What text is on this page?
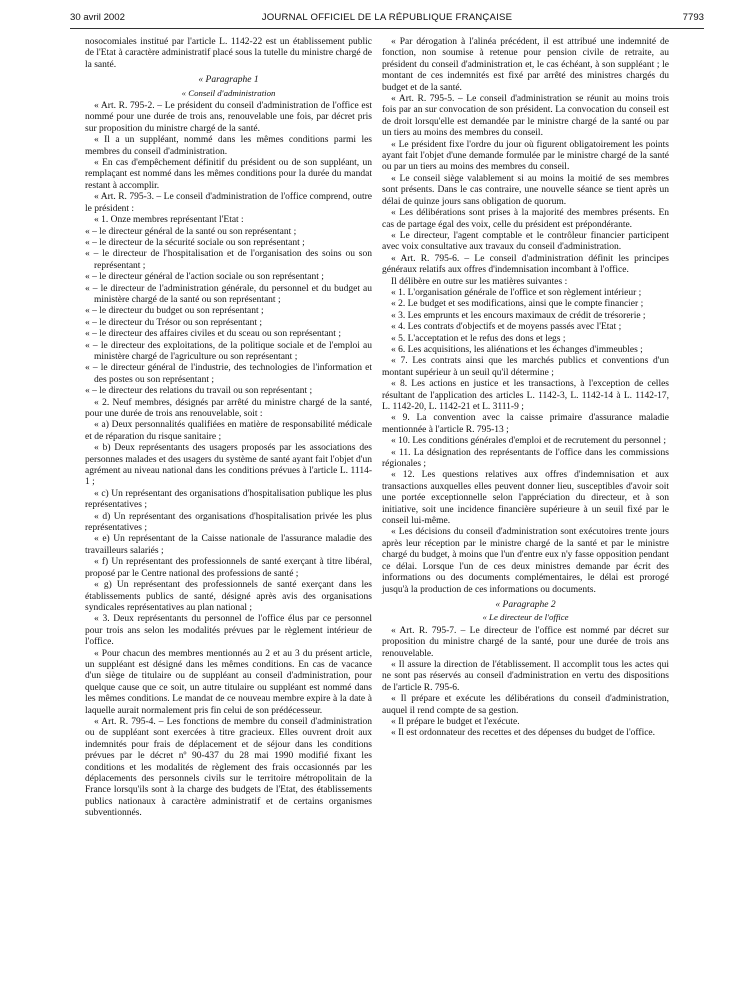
30 avril 2002	JOURNAL OFFICIEL DE LA RÉPUBLIQUE FRANÇAISE	7793

nosocomiales institué par l'article L. 1142-22 est un établissement public de l'Etat à caractère administratif placé sous la tutelle du ministre chargé de la santé.

« Paragraphe 1

« Conseil d'administration

« Art. R. 795-2. – Le président du conseil d'administration de l'office est nommé pour une durée de trois ans, renouvelable une fois, par décret pris sur proposition du ministre chargé de la santé.

« Il a un suppléant, nommé dans les mêmes conditions parmi les membres du conseil d'administration.

« En cas d'empêchement définitif du président ou de son suppléant, un remplaçant est nommé dans les mêmes conditions pour la durée du mandat restant à accomplir.

« Art. R. 795-3. – Le conseil d'administration de l'office comprend, outre le président :

« 1. Onze membres représentant l'Etat :

« – le directeur général de la santé ou son représentant ;

« – le directeur de la sécurité sociale ou son représentant ;

« – le directeur de l'hospitalisation et de l'organisation des soins ou son représentant ;

« – le directeur général de l'action sociale ou son représentant ;

« – le directeur de l'administration générale, du personnel et du budget au ministère chargé de la santé ou son représentant ;

« – le directeur du budget ou son représentant ;

« – le directeur du Trésor ou son représentant ;

« – le directeur des affaires civiles et du sceau ou son représentant ;

« – le directeur des exploitations, de la politique sociale et de l'emploi au ministère chargé de l'agriculture ou son représentant ;

« – le directeur général de l'industrie, des technologies de l'information et des postes ou son représentant ;

« – le directeur des relations du travail ou son représentant ;

« 2. Neuf membres, désignés par arrêté du ministre chargé de la santé, pour une durée de trois ans renouvelable, soit :

« a) Deux personnalités qualifiées en matière de responsabilité médicale et de réparation du risque sanitaire ;

« b) Deux représentants des usagers proposés par les associations des personnes malades et des usagers du système de santé ayant fait l'objet d'un agrément au niveau national dans les conditions prévues à l'article L. 1114-1 ;

« c) Un représentant des organisations d'hospitalisation publique les plus représentatives ;

« d) Un représentant des organisations d'hospitalisation privée les plus représentatives ;

« e) Un représentant de la Caisse nationale de l'assurance maladie des travailleurs salariés ;

« f) Un représentant des professionnels de santé exerçant à titre libéral, proposé par le Centre national des professions de santé ;

« g) Un représentant des professionnels de santé exerçant dans les établissements publics de santé, désigné après avis des organisations syndicales représentatives au plan national ;

« 3. Deux représentants du personnel de l'office élus par ce personnel pour trois ans selon les modalités prévues par le règlement intérieur de l'office.

« Pour chacun des membres mentionnés au 2 et au 3 du présent article, un suppléant est désigné dans les mêmes conditions. En cas de vacance d'un siège de titulaire ou de suppléant au conseil d'administration, pour quelque cause que ce soit, un autre titulaire ou suppléant est nommé dans les mêmes conditions. Le mandat de ce nouveau membre expire à la date à laquelle aurait normalement pris fin celui de son prédécesseur.

« Art. R. 795-4. – Les fonctions de membre du conseil d'administration ou de suppléant sont exercées à titre gracieux. Elles ouvrent droit aux indemnités pour frais de déplacement et de séjour dans les conditions prévues par le décret nº 90-437 du 28 mai 1990 modifié fixant les conditions et les modalités de règlement des frais occasionnés par les déplacements des personnels civils sur le territoire métropolitain de la France lorsqu'ils sont à la charge des budgets de l'Etat, des établissements publics nationaux à caractère administratif et de certains organismes subventionnés.

« Par dérogation à l'alinéa précédent, il est attribué une indemnité de fonction, non soumise à retenue pour pension civile de retraite, au président du conseil d'administration et, le cas échéant, à son suppléant ; le montant de ces indemnités est fixé par arrêté des ministres chargés du budget et de la santé.

« Art. R. 795-5. – Le conseil d'administration se réunit au moins trois fois par an sur convocation de son président. La convocation du conseil est de droit lorsqu'elle est demandée par le ministre chargé de la santé ou par un tiers au moins des membres du conseil.

« Le président fixe l'ordre du jour où figurent obligatoirement les points ayant fait l'objet d'une demande formulée par le ministre chargé de la santé ou par un tiers au moins des membres du conseil.

« Le conseil siège valablement si au moins la moitié de ses membres sont présents. Dans le cas contraire, une nouvelle séance se tient après un délai de quinze jours sans obligation de quorum.

« Les délibérations sont prises à la majorité des membres présents. En cas de partage égal des voix, celle du président est prépondérante.

« Le directeur, l'agent comptable et le contrôleur financier participent avec voix consultative aux travaux du conseil d'administration.

« Art. R. 795-6. – Le conseil d'administration définit les principes généraux relatifs aux offres d'indemnisation incombant à l'office.

Il délibère en outre sur les matières suivantes :

« 1. L'organisation générale de l'office et son règlement intérieur ;

« 2. Le budget et ses modifications, ainsi que le compte financier ;

« 3. Les emprunts et les encours maximaux de crédit de trésorerie ;

« 4. Les contrats d'objectifs et de moyens passés avec l'Etat ;

« 5. L'acceptation et le refus des dons et legs ;

« 6. Les acquisitions, les aliénations et les échanges d'immeubles ;

« 7. Les contrats ainsi que les marchés publics et conventions d'un montant supérieur à un seuil qu'il détermine ;

« 8. Les actions en justice et les transactions, à l'exception de celles résultant de l'application des articles L. 1142-3, L. 1142-14 à L. 1142-17, L. 1142-20, L. 1142-21 et L. 3111-9 ;

« 9. La convention avec la caisse primaire d'assurance maladie mentionnée à l'article R. 795-13 ;

« 10. Les conditions générales d'emploi et de recrutement du personnel ;

« 11. La désignation des représentants de l'office dans les commissions régionales ;

« 12. Les questions relatives aux offres d'indemnisation et aux transactions auxquelles elles peuvent donner lieu, susceptibles d'avoir soit une portée exceptionnelle selon l'appréciation du directeur, et à son initiative, soit une incidence financière supérieure à un seuil fixé par le conseil lui-même.

« Les décisions du conseil d'administration sont exécutoires trente jours après leur réception par le ministre chargé de la santé et par le ministre chargé du budget, à moins que l'un d'entre eux n'y fasse opposition pendant ce délai. Lorsque l'un de ces deux ministres demande par écrit des informations ou des documents complémentaires, le délai est prorogé jusqu'à la production de ces informations ou documents.

« Paragraphe 2

« Le directeur de l'office

« Art. R. 795-7. – Le directeur de l'office est nommé par décret sur proposition du ministre chargé de la santé, pour une durée de trois ans renouvelable.

« Il assure la direction de l'établissement. Il accomplit tous les actes qui ne sont pas réservés au conseil d'administration en vertu des dispositions de l'article R. 795-6.

« Il prépare et exécute les délibérations du conseil d'administration, auquel il rend compte de sa gestion.

« Il prépare le budget et l'exécute.

« Il est ordonnateur des recettes et des dépenses du budget de l'office.
